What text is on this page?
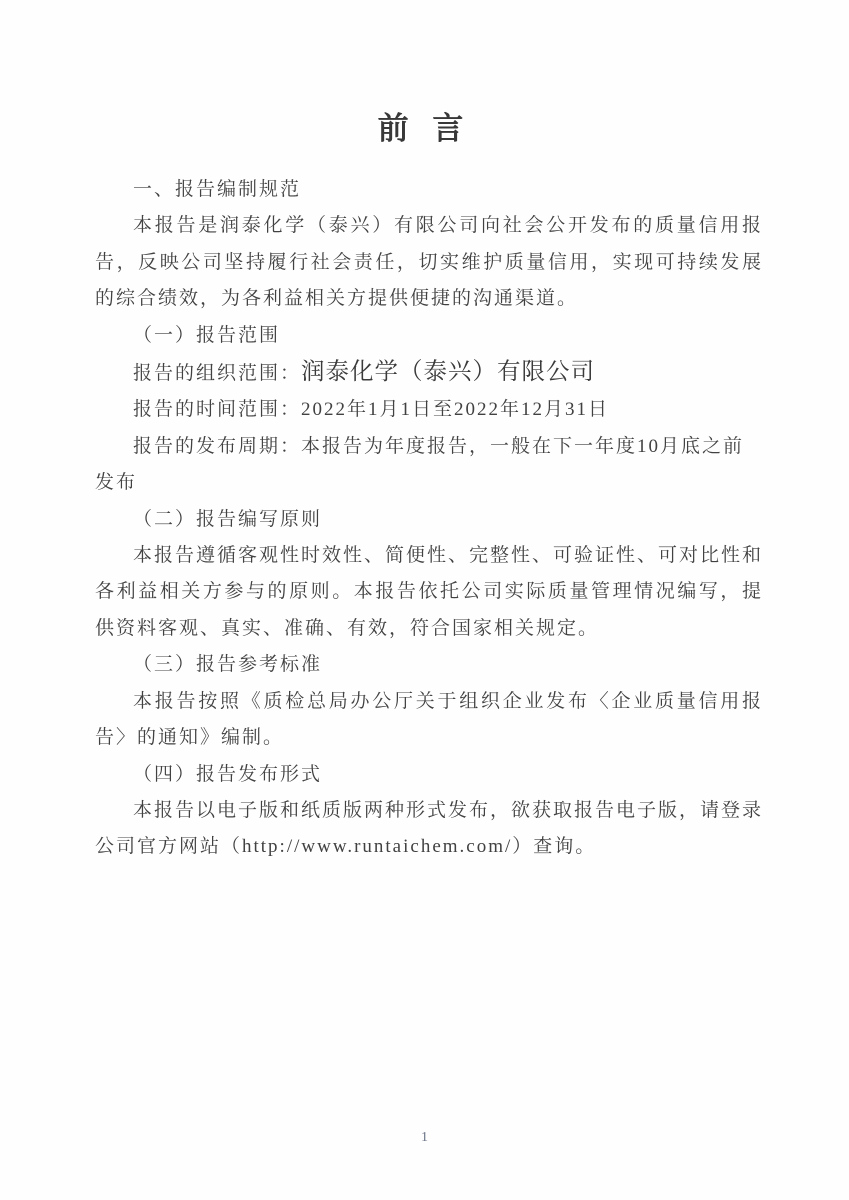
前 言

一、报告编制规范

本报告是润泰化学（泰兴）有限公司向社会公开发布的质量信用报告，反映公司坚持履行社会责任，切实维护质量信用，实现可持续发展的综合绩效，为各利益相关方提供便捷的沟通渠道。

（一）报告范围

报告的组织范围：润泰化学（泰兴）有限公司

报告的时间范围：2022年1月1日至2022年12月31日

报告的发布周期：本报告为年度报告，一般在下一年度10月底之前发布

（二）报告编写原则

本报告遵循客观性时效性、简便性、完整性、可验证性、可对比性和各利益相关方参与的原则。本报告依托公司实际质量管理情况编写，提供资料客观、真实、准确、有效，符合国家相关规定。

（三）报告参考标准

本报告按照《质检总局办公厅关于组织企业发布〈企业质量信用报告〉的通知》编制。

（四）报告发布形式

本报告以电子版和纸质版两种形式发布，欲获取报告电子版，请登录公司官方网站（http://www.runtaichem.com/）查询。

1
